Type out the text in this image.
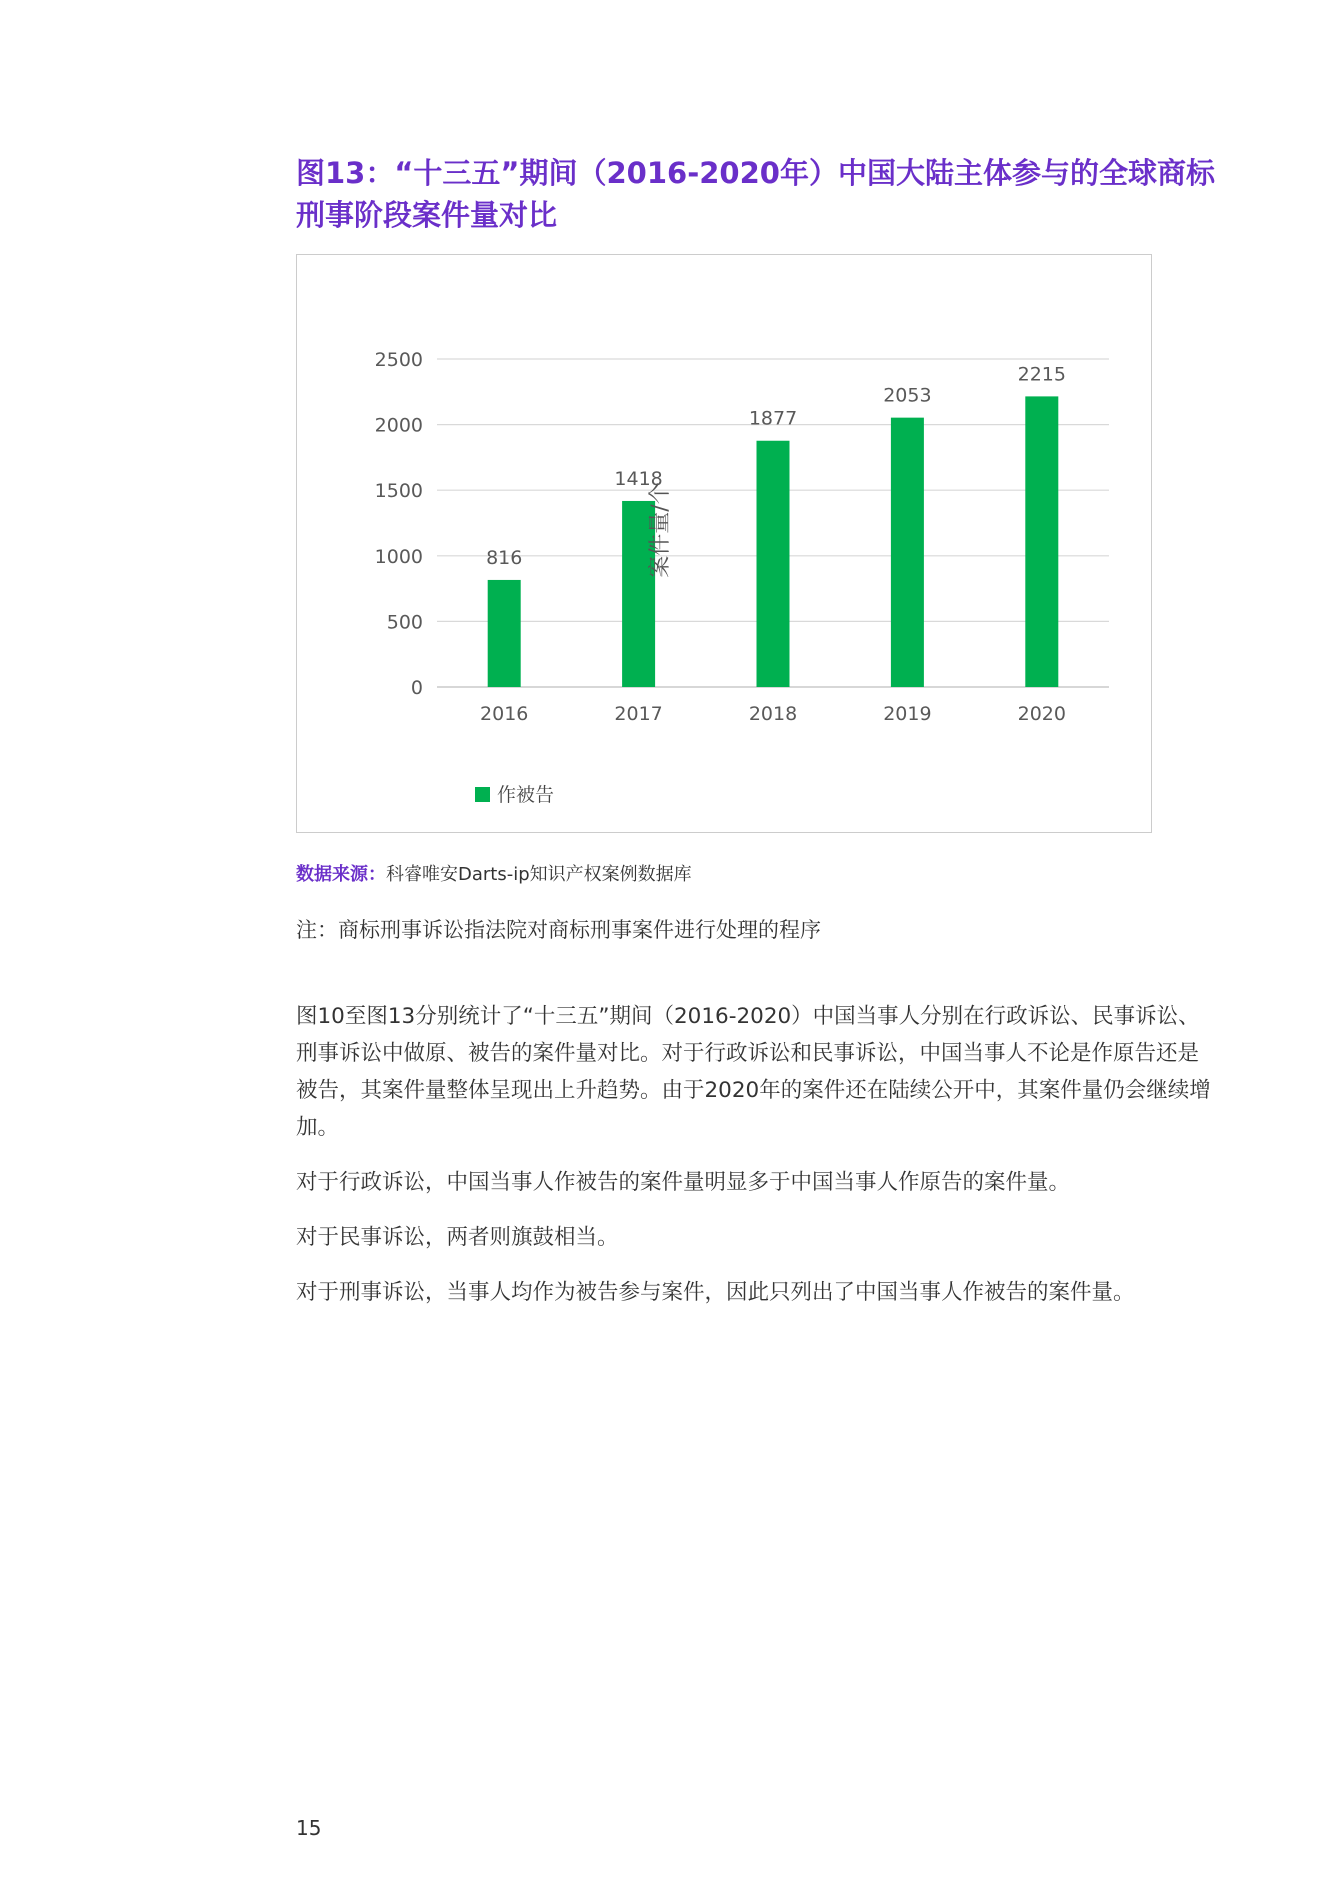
图13：“十三五”期间（2016-2020年）中国大陆主体参与的全球商标刑事阶段案件量对比
0
500
1000
1500
2000
2500
816
1418
1877
2053
2215
2016	2017	2018	2019	2020
案件量/个
作被告
数据来源：科睿唯安Darts-ip知识产权案例数据库
注：商标刑事诉讼指法院对商标刑事案件进行处理的程序

图10至图13分别统计了“十三五”期间（2016-2020）中国当事人分别在行政诉讼、民事诉讼、刑事诉讼中做原、被告的案件量对比。对于行政诉讼和民事诉讼，中国当事人不论是作原告还是被告，其案件量整体呈现出上升趋势。由于2020年的案件还在陆续公开中，其案件量仍会继续增加。

对于行政诉讼，中国当事人作被告的案件量明显多于中国当事人作原告的案件量。

对于民事诉讼，两者则旗鼓相当。

对于刑事诉讼，当事人均作为被告参与案件，因此只列出了中国当事人作被告的案件量。

15
